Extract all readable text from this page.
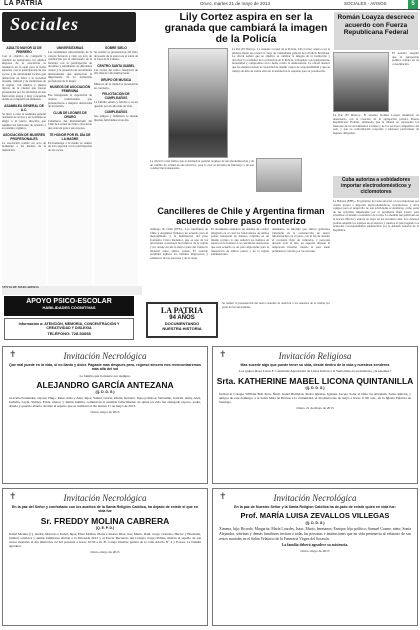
LA PATRIA	Oruro, martes 21 de mayo de 2013	SOCIALES - AVISOS	5
Sociales
ADULTO MAYOR 32 DE FEBRERO
Con el objetivo de compartir y celebrar su aniversario, los adultos mayores de la asociación se reunieron en la sede para la fecha especial, con la participación de sus socios y de autoridades locales que destacaron su labor a la sociedad orureña, cultural y de tradiciones de la región, con música y danzas típicas de la ciudad que fueron presentadas por los invitados en una fiesta muy alegre y muy concurrida donde se compartió un almuerzo.
ASAMBLEA GENERAL DE A.C.
Se llevó a cabo la asamblea general ordinaria de socios y en la misma se eligió a la nueva directiva que asumirá las funciones de acuerdo a su estatuto orgánico.
ASOCIACIÓN DE MUJERES PROFESIONALES
La asociación realizó un acto de homenaje a las madres de la institución.
UNIVERSITARIAS
Las estudiantes universitarias de la carrera llevaron a cabo un acto de celebración por el aniversario de la facultad con la participación de docentes y estudiantes de diferentes cursos y la presencia de autoridades universitarias que destacaron la importancia de la formación profesional de la mujer.
MUSEOS DE ASOCIACIÓN FEMENINA
Fue inaugurada la exposición de objetos tradicionales que pertenecieron a mujeres destacadas de la historia.
CLUB DE LEONES DE ORURO
Caballeros del Domaturnum del Club de Leones de Oruro ofrecieron una cena de gala a sus esposas.
TE HONOR POR EL DÍA DE LA MADRE
En homenaje a la madre se realizó un acto especial con la participación de las socias.
SOBRE SIELO
Se realizó la presentación del libro de poesía de la autora en el salón de la Casa de la Cultura.
CENTRO SANTA ISABEL
Las socias del centro festejaron un año más de vida institucional.
GRUPO DE MUSICA
Músicos de la ciudad se presentaron en concierto.
FELICITACIÓN DE CUMPLEAÑOS
La familia saluda y felicita a su ser querido por un año más de vida.
CUMPLEAÑOS
Sus amigos y familiares le desean muchas felicidades en su día.
Lily Cortez aspira en ser la granada que cambiará la imagen de la Policía
La Paz (El Diario).- La teniente coronel de la Policía, Lily Cortez, aspira a ser la primera mujer en ocupar el cargo de comandante general de la Policía Boliviana. La oficial señaló que su objetivo es cambiar la imagen de la institución y devolver la confianza de la población en la Policía, trabajando con transparencia, honestidad y compromiso en la lucha contra la delincuencia. La oficial destacó que las mujeres tienen la capacidad de asumir cargos de responsabilidad y que su trabajo de más de veinte años en la institución le respalda para su postulación.
La oficial Cortez indicó que la institución policial requiere de una modernización y de un cambio de actitud en sus efectivos, para lo cual se necesita de liderazgo y de una conducción transparente.
Cancilleres de Chile y Argentina firman acuerdo sobre paso fronterizo
Santiago de Chile (EFE).- Los cancilleres de Chile y Argentina firmaron un acuerdo para el mejoramiento y la habilitación del paso fronterizo Cristo Redentor, que es uno de los principales corredores bioceánicos de la región y por donde circula la mayor parte del comercio bilateral entre ambos países. El acuerdo permitirá agilizar los trámites migratorios y aduaneros de las personas y de la carga.
El documento establece un sistema de control integrado en el cual los funcionarios de ambos países trabajarán de manera conjunta en un mismo recinto, lo que reducirá los tiempos de espera en la frontera. Los cancilleres destacaron que este acuerdo es un paso importante para la integración de ambos países y de la región sudamericana.
Asimismo, se informó que ambos gobiernos trabajarán en la construcción de nueva infraestructura en el paso, con el fin de atender el creciente flujo de vehículos y personas durante todo el año, en especial durante la temporada invernal cuando el paso suele permanecer cerrado por las nevadas.
Román Loayza descrece acuerdo con Fuerza Republicana Federal
El senador aseguró que la agrupación política trabaja en su consolidación.
La Paz (El Diario).- El senador Román Loayza manifestó su desacuerdo con la creación de la agrupación política Fuerza Republicana Federal, señalando que la misma no representa los intereses de los movimientos sociales y de los sectores campesinos del país, y que su conformación responde a intereses particulares de algunos dirigentes.
Cuba autoriza a sobidadores importar electrodomésticos y ciclomotores
La Habana (EFE).- El gobierno de Cuba autorizó a los trabajadores por cuenta propia a importar electrodomésticos, ciclomotores y otros equipos para el desarrollo de sus actividades económicas, como parte de las reformas impulsadas por el presidente Raúl Castro para actualizar el modelo económico de la isla. La medida fue publicada en la Gaceta Oficial y entrará en vigor en los próximos días. Los cubanos podrán adquirir los equipos en el exterior y traerlos al país pagando los aranceles correspondientes establecidos por la Aduana General de la República.
VENTA DE MERCADERÍA
APOYO PSICO-ESCOLAR
HABILIDADES COGNITIVAS
Información a: ATENCIÓN, MEMORIA, CONCENTRACIÓN Y CREATIVIDAD Y DISLEXIA
TELÉFONO: 728-53658
LA PATRIA
94 AÑOS
DOCUMENTANDO
NUESTRA HISTORIA
Se realizó la presentación del nuevo sistema de atención a los usuarios de la ciudad por parte de las autoridades.
✝	Invitación Necrológica
Que mal puede en la vida, si no llanto y dolor. Pagaste mas después pero, regreso sincero nos reencontraremos más allá del sol
La familia que la muerte por siempre.
ALEJANDRO GARCÍA ANTEZANA
(Q. D. D. G.)
Graciela Fernández, esposa; Hugo, René, Irma y Alex, hijos; Yamel, Gloria, Ofelia, Roberto, hijos políticos; Sebastián, Gabriel, Anny, Alex, Isabella, Leyla, Shirley, Erick, nietos; y demás familia, comunican el sensible fallecimiento de quien en vida fue abnegado esposo, padre, abuelo y querido abuelo. Invitan al sepelio que se realizará el día martes 21 de mayo de 2013.
Oruro, mayo de 2013
✝	Invitación Religiosa
Mas sucede algo que puede tener su vida, desde dentro de la vida y nuestros senderos
Los grupos Rosa Lirios E. Catedrales Apostolado de Lirios Invitan a la Santa misa en su memoria, ¿la tenemos?
Srta. KATHERINE MABEL LICONA QUINTANILLA
(Q. D. D. G.)
Invitan al Colegio William Boli Peru, Ñinil, Isabel Ballivian, Pedro Iglesias, Iglesias Lucero Solar el Diez los Abraham, Santo Rincón, y amigos de este domingo, a la Santa Misa de Honras a la comunidad, el día miércoles de mayo a horas 11:00 a.m., en la Iglesia Epistola de Santiago.
Oruro, 21 de mayo de 2013
✝	Invitación Necrológica
En la paz del Señor y confortado con los auxilios de la Santa Religión Católica, ha dejado de existir el que en vida fue
Sr. FREDDY MOLINA CABRERA
(Q. E. P. D.)
Isabel Molina (†), madre; Marcelo e Isabel, hijas; Elisa Molina, Elena e Isidora Diaz, tíos; Mario, Raúl, Jorge, Gonzalo, Héctor y Elizabeth, primos; sobrinos y demás familiares invitan a la Pelonada 2013 y al Tercer Recuerdo del Colegio Jorge Oblitas, misión al sepelio de sus restos mortales el día miércoles 22 del presente a horas 10:30 a.m. El cortejo fúnebre partirá de la calle Adolfo Nº 4 y Potosi. La familia agradece.
Oruro, mayo de 2013
✝	Invitación Necrológica
En la paz de Nuestro Señor y la Santa Religión Católica ha de-jado de existir quien en vida fue:
Prof. MARÍA LUISA ZEVALLOS VILLEGAS
(Q. D. D. G.)
Ximena, hija; Ricardo, Margarita, María Lourdes, Isaac, Mario, hermanos; Enrique, hijo político; Samuel Cosme, nieto; Sonia Alejandra, sobrinas y demás familiares invitan a todas las personas e instituciones que en vida pertenecía al velatorio de sus restos mortales en el Salón Velatorio de la Funeraria Virgen del Socavón.
La familia deberá agradece su asistencia.
Oruro, mayo de 2013
